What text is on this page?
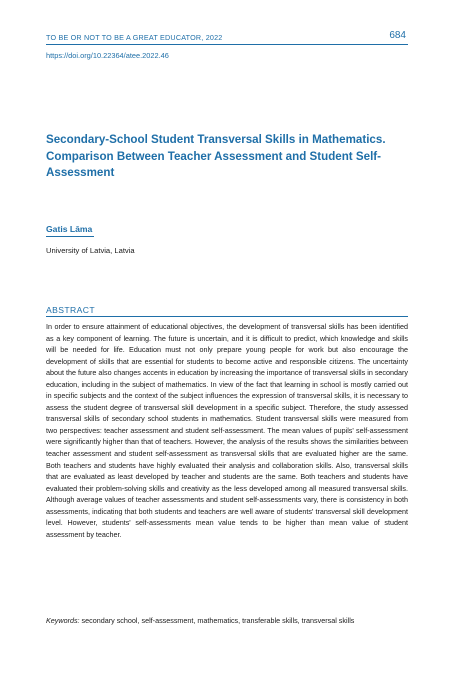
TO BE OR NOT TO BE A GREAT EDUCATOR, 2022	684
https://doi.org/10.22364/atee.2022.46
Secondary-School Student Transversal Skills in Mathematics. Comparison Between Teacher Assessment and Student Self-Assessment
Gatis Lāma
University of Latvia, Latvia
ABSTRACT

In order to ensure attainment of educational objectives, the development of transversal skills has been identified as a key component of learning. The future is uncertain, and it is difficult to predict, which knowledge and skills will be needed for life. Education must not only prepare young people for work but also encourage the development of skills that are essential for students to become active and responsible citizens. The uncertainty about the future also changes accents in education by increasing the importance of transversal skills in secondary education, including in the subject of mathematics. In view of the fact that learning in school is mostly carried out in specific subjects and the context of the subject influences the expression of transversal skills, it is necessary to assess the student degree of transversal skill development in a specific subject. Therefore, the study assessed transversal skills of secondary school students in mathematics. Student transversal skills were measured from two perspectives: teacher assessment and student self-assessment. The mean values of pupils' self-assessment were significantly higher than that of teachers. However, the analysis of the results shows the similarities between teacher assessment and student self-assessment as transversal skills that are evaluated higher are the same. Both teachers and students have highly evaluated their analysis and collaboration skills. Also, transversal skills that are evaluated as least developed by teacher and students are the same. Both teachers and students have evaluated their problem-solving skills and creativity as the less developed among all measured transversal skills. Although average values of teacher assessments and student self-assessments vary, there is consistency in both assessments, indicating that both students and teachers are well aware of students' transversal skill development level. However, students' self-assessments mean value tends to be higher than mean value of student assessment by teacher.

Keywords: secondary school, self-assessment, mathematics, transferable skills, transversal skills
